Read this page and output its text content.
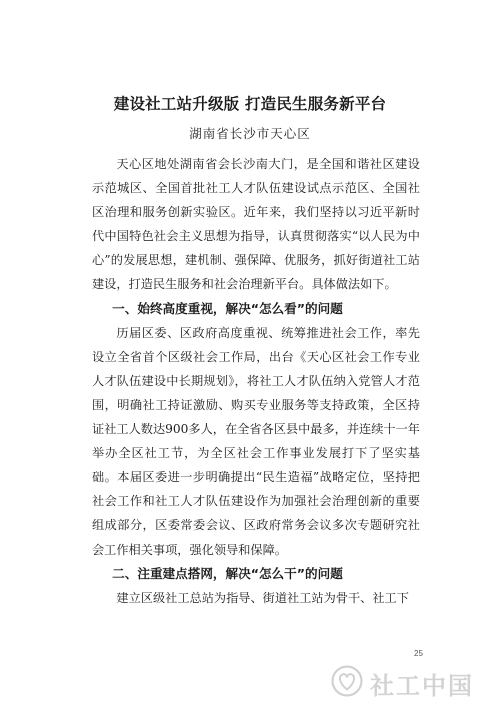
建设社工站升级版 打造民生服务新平台
湖南省长沙市天心区

天心区地处湖南省会长沙南大门，是全国和谐社区建设示范城区、全国首批社工人才队伍建设试点示范区、全国社区治理和服务创新实验区。近年来，我们坚持以习近平新时代中国特色社会主义思想为指导，认真贯彻落实“以人民为中心”的发展思想，建机制、强保障、优服务，抓好街道社工站建设，打造民生服务和社会治理新平台。具体做法如下。

一、始终高度重视，解决“怎么看”的问题

历届区委、区政府高度重视、统筹推进社会工作，率先设立全省首个区级社会工作局，出台《天心区社会工作专业人才队伍建设中长期规划》，将社工人才队伍纳入党管人才范围，明确社工持证激励、购买专业服务等支持政策，全区持证社工人数达900多人，在全省各区县中最多，并连续十一年举办全区社工节，为全区社会工作事业发展打下了坚实基础。本届区委进一步明确提出“民生造福”战略定位，坚持把社会工作和社工人才队伍建设作为加强社会治理创新的重要组成部分，区委常委会议、区政府常务会议多次专题研究社会工作相关事项，强化领导和保障。

二、注重建点搭网，解决“怎么干”的问题

建立区级社工总站为指导、街道社工站为骨干、社工下

25
社工中国
